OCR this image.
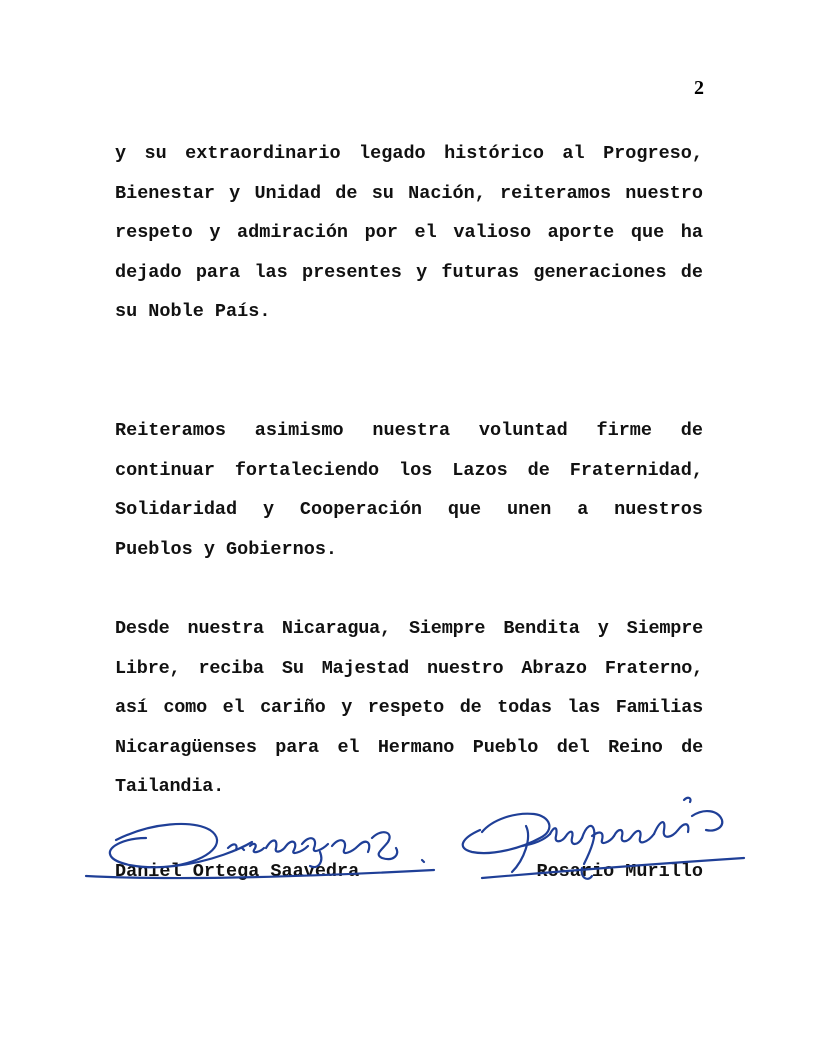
2

y su extraordinario legado histórico al Progreso, Bienestar y Unidad de su Nación, reiteramos nuestro respeto y admiración por el valioso aporte que ha dejado para las presentes y futuras generaciones de su Noble País.

Reiteramos asimismo nuestra voluntad firme de continuar fortaleciendo los Lazos de Fraternidad, Solidaridad y Cooperación que unen a nuestros Pueblos y Gobiernos.

Desde nuestra Nicaragua, Siempre Bendita y Siempre Libre, reciba Su Majestad nuestro Abrazo Fraterno, así como el cariño y respeto de todas las Familias Nicaragüenses para el Hermano Pueblo del Reino de Tailandia.

Daniel Ortega Saavedra	Rosario Murillo
